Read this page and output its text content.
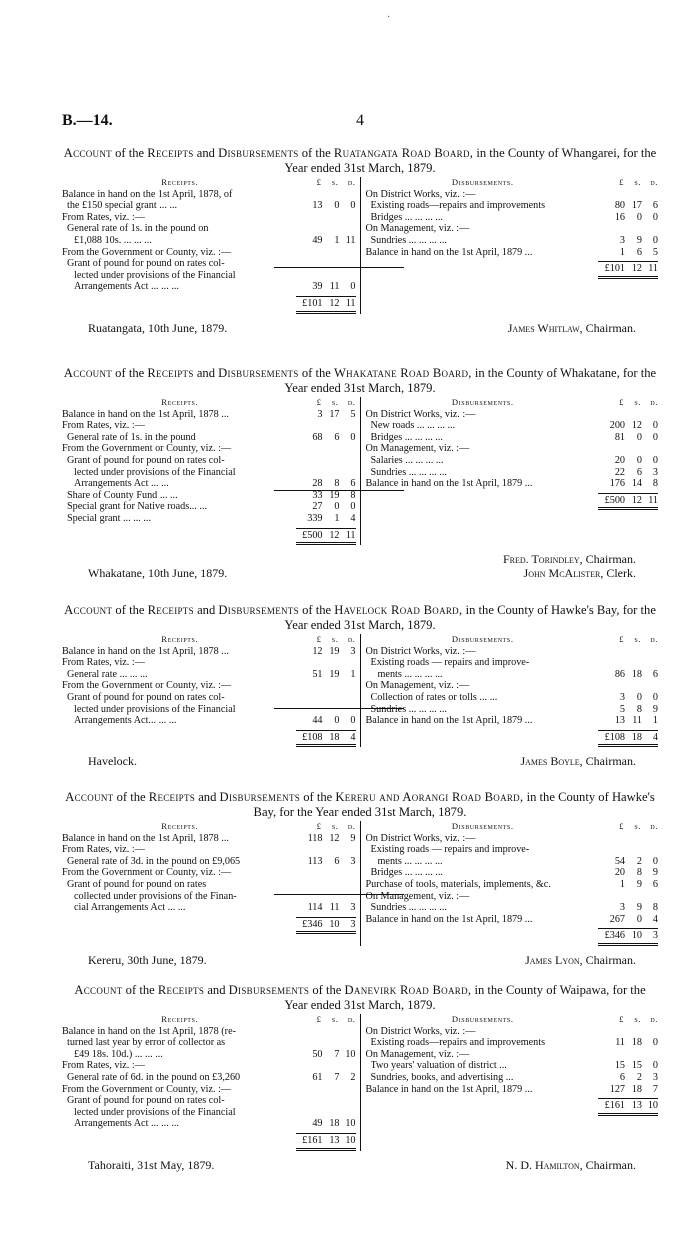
B.—14.	4
·
Account of the Receipts and Disbursements of the Ruatangata Road Board, in the County of Whangarei, for the Year ended 31st March, 1879.
Receipts.	£	s.	d.
Balance in hand on the 1st April, 1878, of
the £150 special grant ... ...	13	0	0
From Rates, viz. :—
General rate of 1s. in the pound on
£1,088 10s. ... ... ...	49	1 11
From the Government or County, viz. :—
Grant of pound for pound on rates col-
lected under provisions of the Financial
Arrangements Act ... ... ...	39 11	0
£101 12 11
Disbursements.	£	s.	d.
On District Works, viz. :—
Existing roads—repairs and improvements	80 17	6
Bridges ... ... ... ...	16	0	0
On Management, viz. :—
Sundries ... ... ... ...	3	9	0
Balance in hand on the 1st April, 1879 ...	1	6	5
£101 12 11
Ruatangata, 10th June, 1879.	James Whitlaw, Chairman.
Account of the Receipts and Disbursements of the Whakatane Road Board, in the County of Whakatane, for the Year ended 31st March, 1879.
Receipts.	£	s.	d.
Balance in hand on the 1st April, 1878 ...	3 17	5
From Rates, viz. :—
General rate of 1s. in the pound	68	6	0
From the Government or County, viz. :—
Grant of pound for pound on rates col-
lected under provisions of the Financial
Arrangements Act ... ...	28	8	6
Share of County Fund ... ...	33 19	8
Special grant for Native roads... ...	27	0	0
Special grant ... ... ...	339	1	4
£500 12 11
Disbursements.	£	s.	d.
On District Works, viz. :—
New roads ... ... ... ...	200 12	0
Bridges ... ... ... ...	81	0	0
On Management, viz. :—
Salaries ... ... ... ...	20	0	0
Sundries ... ... ... ...	22	6	3
Balance in hand on the 1st April, 1879 ...	176 14	8
£500 12 11
Whakatane, 10th June, 1879.
Fred. Torindley, Chairman.
John McAlister, Clerk.
Account of the Receipts and Disbursements of the Havelock Road Board, in the County of Hawke's Bay, for the Year ended 31st March, 1879.
Receipts.	£	s.	d.
Balance in hand on the 1st April, 1878 ...	12 19	3
From Rates, viz. :—
General rate ... ... ...	51 19	1
From the Government or County, viz. :—
Grant of pound for pound on rates col-
lected under provisions of the Financial
Arrangements Act... ... ...	44	0	0
£108 18	4
Disbursements.	£	s.	d.
On District Works, viz. :—
Existing roads — repairs and improve-
ments ... ... ... ...	86 18	6
On Management, viz. :—
Collection of rates or tolls ... ...	3	0	0
Sundries ... ... ... ...	5	8	9
Balance in hand on the 1st April, 1879 ...	13 11	1
£108 18	4
Havelock.	James Boyle, Chairman.
Account of the Receipts and Disbursements of the Kereru and Aorangi Road Board, in the County of Hawke's Bay, for the Year ended 31st March, 1879.
Receipts.	£	s.	d.
Balance in hand on the 1st April, 1878 ...	118 12	9
From Rates, viz. :—
General rate of 3d. in the pound on £9,065	113	6	3
From the Government or County, viz. :—
Grant of pound for pound on rates
collected under provisions of the Finan-
cial Arrangements Act ... ...	114 11	3
£346 10	3
Disbursements.	£	s.	d.
On District Works, viz. :—
Existing roads — repairs and improve-
ments ... ... ... ...	54	2	0
Bridges ... ... ... ...	20	8	9
Purchase of tools, materials, implements, &c.	1	9	6
On Management, viz. :—
Sundries ... ... ... ...	3	9	8
Balance in hand on the 1st April, 1879 ...	267	0	4
£346 10	3
Kereru, 30th June, 1879.	James Lyon, Chairman.
Account of the Receipts and Disbursements of the Danevirk Road Board, in the County of Waipawa, for the Year ended 31st March, 1879.
Receipts.	£	s.	d.
Balance in hand on the 1st April, 1878 (re-
turned last year by error of collector as
£49 18s. 10d.) ... ... ...	50	7 10
From Rates, viz. :—
General rate of 6d. in the pound on £3,260	61	7	2
From the Government or County, viz. :—
Grant of pound for pound on rates col-
lected under provisions of the Financial
Arrangements Act ... ... ...	49 18 10
£161 13 10
Disbursements.	£	s.	d.
On District Works, viz. :—
Existing roads—repairs and improvements	11 18	0
On Management, viz. :—
Two years' valuation of district ...	15 15	0
Sundries, books, and advertising ...	6	2	3
Balance in hand on the 1st April, 1879 ...	127 18	7
£161 13 10
Tahoraiti, 31st May, 1879.	N. D. Hamilton, Chairman.
